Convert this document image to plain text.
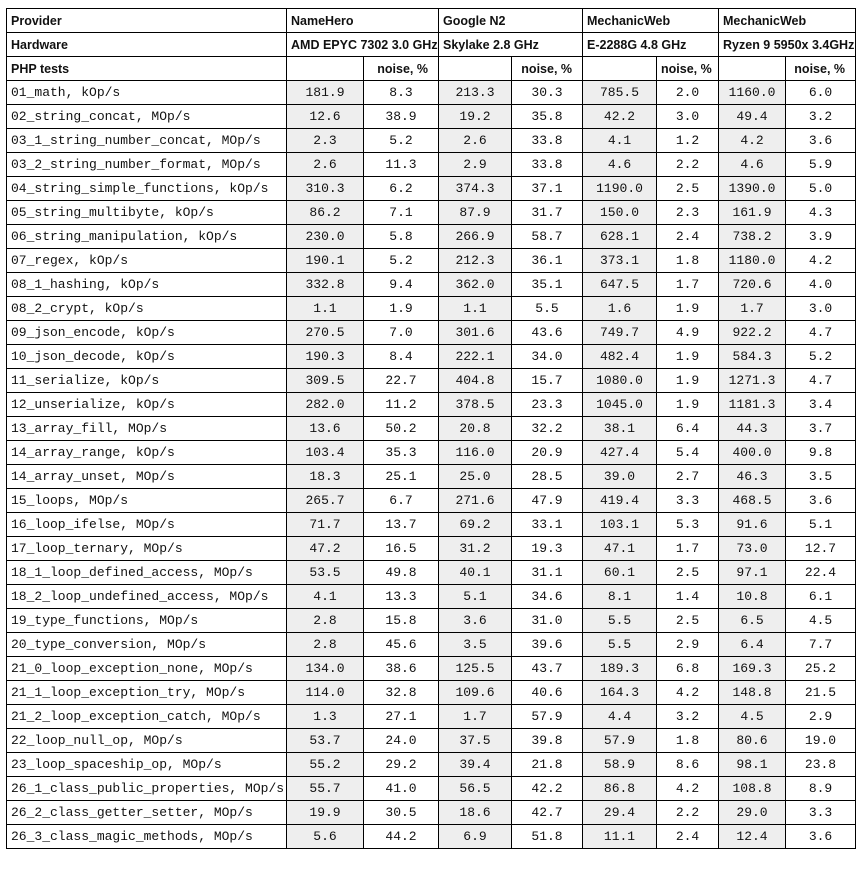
Provider	NameHero		Google N2		MechanicWeb		MechanicWeb	
Hardware	AMD EPYC 7302 3.0 GHz		Skylake 2.8 GHz		E-2288G 4.8 GHz		Ryzen 9 5950x 3.4GHz	
PHP tests		noise, %		noise, %		noise, %		noise, %
01_math, kOp/s	181.9	8.3	213.3	30.3	785.5	2.0	1160.0	6.0
02_string_concat, MOp/s	12.6	38.9	19.2	35.8	42.2	3.0	49.4	3.2
03_1_string_number_concat, MOp/s	2.3	5.2	2.6	33.8	4.1	1.2	4.2	3.6
03_2_string_number_format, MOp/s	2.6	11.3	2.9	33.8	4.6	2.2	4.6	5.9
04_string_simple_functions, kOp/s	310.3	6.2	374.3	37.1	1190.0	2.5	1390.0	5.0
05_string_multibyte, kOp/s	86.2	7.1	87.9	31.7	150.0	2.3	161.9	4.3
06_string_manipulation, kOp/s	230.0	5.8	266.9	58.7	628.1	2.4	738.2	3.9
07_regex, kOp/s	190.1	5.2	212.3	36.1	373.1	1.8	1180.0	4.2
08_1_hashing, kOp/s	332.8	9.4	362.0	35.1	647.5	1.7	720.6	4.0
08_2_crypt, kOp/s	1.1	1.9	1.1	5.5	1.6	1.9	1.7	3.0
09_json_encode, kOp/s	270.5	7.0	301.6	43.6	749.7	4.9	922.2	4.7
10_json_decode, kOp/s	190.3	8.4	222.1	34.0	482.4	1.9	584.3	5.2
11_serialize, kOp/s	309.5	22.7	404.8	15.7	1080.0	1.9	1271.3	4.7
12_unserialize, kOp/s	282.0	11.2	378.5	23.3	1045.0	1.9	1181.3	3.4
13_array_fill, MOp/s	13.6	50.2	20.8	32.2	38.1	6.4	44.3	3.7
14_array_range, kOp/s	103.4	35.3	116.0	20.9	427.4	5.4	400.0	9.8
14_array_unset, MOp/s	18.3	25.1	25.0	28.5	39.0	2.7	46.3	3.5
15_loops, MOp/s	265.7	6.7	271.6	47.9	419.4	3.3	468.5	3.6
16_loop_ifelse, MOp/s	71.7	13.7	69.2	33.1	103.1	5.3	91.6	5.1
17_loop_ternary, MOp/s	47.2	16.5	31.2	19.3	47.1	1.7	73.0	12.7
18_1_loop_defined_access, MOp/s	53.5	49.8	40.1	31.1	60.1	2.5	97.1	22.4
18_2_loop_undefined_access, MOp/s	4.1	13.3	5.1	34.6	8.1	1.4	10.8	6.1
19_type_functions, MOp/s	2.8	15.8	3.6	31.0	5.5	2.5	6.5	4.5
20_type_conversion, MOp/s	2.8	45.6	3.5	39.6	5.5	2.9	6.4	7.7
21_0_loop_exception_none, MOp/s	134.0	38.6	125.5	43.7	189.3	6.8	169.3	25.2
21_1_loop_exception_try, MOp/s	114.0	32.8	109.6	40.6	164.3	4.2	148.8	21.5
21_2_loop_exception_catch, MOp/s	1.3	27.1	1.7	57.9	4.4	3.2	4.5	2.9
22_loop_null_op, MOp/s	53.7	24.0	37.5	39.8	57.9	1.8	80.6	19.0
23_loop_spaceship_op, MOp/s	55.2	29.2	39.4	21.8	58.9	8.6	98.1	23.8
26_1_class_public_properties, MOp/s	55.7	41.0	56.5	42.2	86.8	4.2	108.8	8.9
26_2_class_getter_setter, MOp/s	19.9	30.5	18.6	42.7	29.4	2.2	29.0	3.3
26_3_class_magic_methods, MOp/s	5.6	44.2	6.9	51.8	11.1	2.4	12.4	3.6
